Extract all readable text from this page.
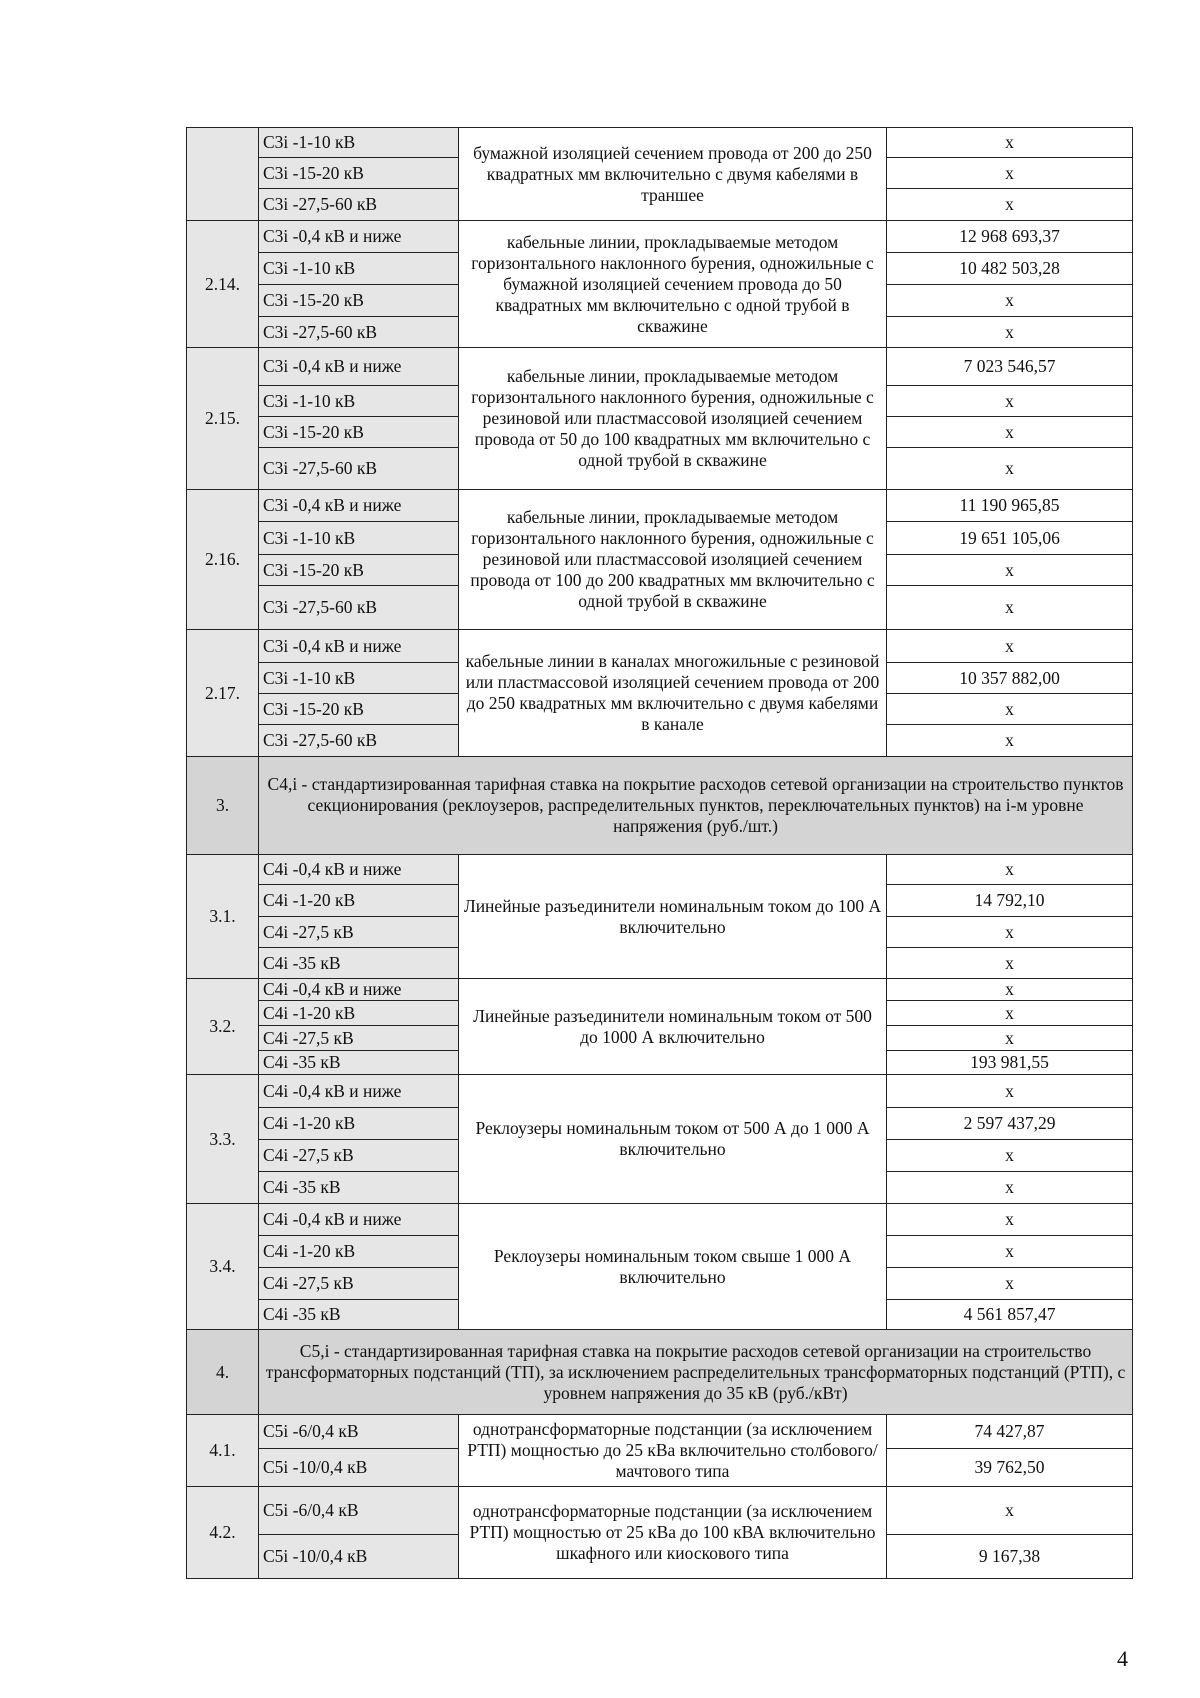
	С3i -1-10 кВ	бумажной изоляцией сечением провода от 200 до 250 квадратных мм включительно с двумя кабелями в траншее	x
	С3i -15-20 кВ		x
	С3i -27,5-60 кВ		x
2.14.	С3i -0,4 кВ и ниже	кабельные линии, прокладываемые методом горизонтального наклонного бурения, одножильные с бумажной изоляцией сечением провода до 50 квадратных мм включительно с одной трубой в скважине	12 968 693,37
	С3i -1-10 кВ		10 482 503,28
	С3i -15-20 кВ		x
	С3i -27,5-60 кВ		x
2.15.	С3i -0,4 кВ и ниже	кабельные линии, прокладываемые методом горизонтального наклонного бурения, одножильные с резиновой или пластмассовой изоляцией сечением провода от 50 до 100 квадратных мм включительно с одной трубой в скважине	7 023 546,57
	С3i -1-10 кВ		x
	С3i -15-20 кВ		x
	С3i -27,5-60 кВ		x
2.16.	С3i -0,4 кВ и ниже	кабельные линии, прокладываемые методом горизонтального наклонного бурения, одножильные с резиновой или пластмассовой изоляцией сечением провода от 100 до 200 квадратных мм включительно с одной трубой в скважине	11 190 965,85
	С3i -1-10 кВ		19 651 105,06
	С3i -15-20 кВ		x
	С3i -27,5-60 кВ		x
2.17.	С3i -0,4 кВ и ниже	кабельные линии в каналах многожильные с резиновой или пластмассовой изоляцией сечением провода от 200 до 250 квадратных мм включительно с двумя кабелями в канале	x
	С3i -1-10 кВ		10 357 882,00
	С3i -15-20 кВ		x
	С3i -27,5-60 кВ		x
3.	С4,i - стандартизированная тарифная ставка на покрытие расходов сетевой организации на строительство пунктов секционирования (реклоузеров, распределительных пунктов, переключательных пунктов) на i-м уровне напряжения (руб./шт.)		
3.1.	С4i -0,4 кВ и ниже	Линейные разъединители номинальным током до 100 А включительно	x
	С4i -1-20 кВ		14 792,10
	С4i -27,5 кВ		x
	С4i -35 кВ		x
3.2.	С4i -0,4 кВ и ниже	Линейные разъединители номинальным током от 500 до 1000 А включительно	x
	С4i -1-20 кВ		x
	С4i -27,5 кВ		x
	С4i -35 кВ		193 981,55
3.3.	С4i -0,4 кВ и ниже	Реклоузеры номинальным током от 500 А до 1 000 А включительно	x
	С4i -1-20 кВ		2 597 437,29
	С4i -27,5 кВ		x
	С4i -35 кВ		x
3.4.	С4i -0,4 кВ и ниже	Реклоузеры номинальным током свыше 1 000 А включительно	x
	С4i -1-20 кВ		x
	С4i -27,5 кВ		x
	С4i -35 кВ		4 561 857,47
4.	С5,i - стандартизированная тарифная ставка на покрытие расходов сетевой организации на строительство трансформаторных подстанций (ТП), за исключением распределительных трансформаторных подстанций (РТП), с уровнем напряжения до 35 кВ (руб./кВт)		
4.1.	С5i -6/0,4 кВ	однотрансформаторные подстанции (за исключением РТП) мощностью до 25 кВа включительно столбового/мачтового типа	74 427,87
	С5i -10/0,4 кВ		39 762,50
4.2.	С5i -6/0,4 кВ	однотрансформаторные подстанции (за исключением РТП) мощностью от 25 кВа до 100 кВА включительно шкафного или киоскового типа	x
	С5i -10/0,4 кВ		9 167,38
4
